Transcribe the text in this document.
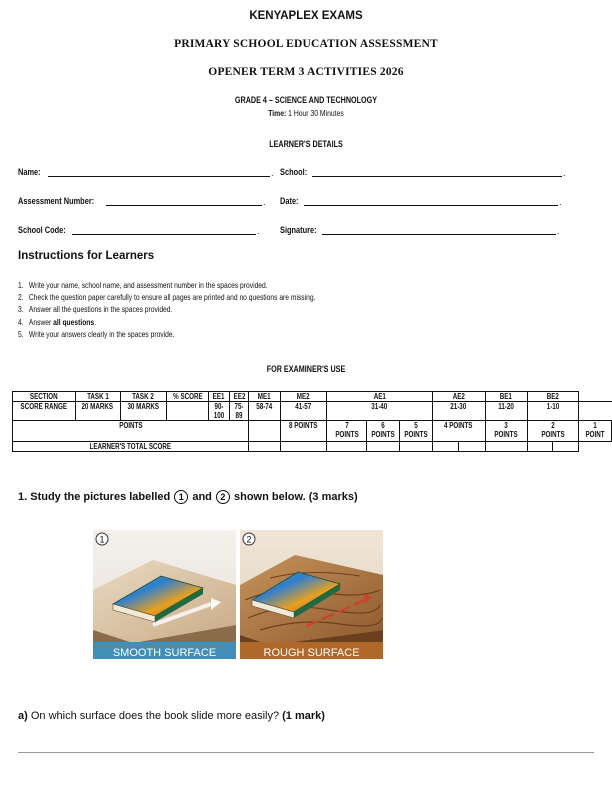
KENYAPLEX EXAMS
PRIMARY SCHOOL EDUCATION ASSESSMENT
OPENER TERM 3 ACTIVITIES 2026
GRADE 4 – SCIENCE AND TECHNOLOGY
Time: 1 Hour 30 Minutes
LEARNER'S DETAILS
Name:	. School:	.
Assessment Number:	. Date:	.
School Code:	. Signature:	.
Instructions for Learners
1. Write your name, school name, and assessment number in the spaces provided.
2. Check the question paper carefully to ensure all pages are printed and no questions are missing.
3. Answer all the questions in the spaces provided.
4. Answer all questions.
5. Write your answers clearly in the spaces provide.
FOR EXAMINER'S USE
SECTION	TASK 1	TASK 2	% SCORE	EE1	EE2	ME1	ME2	AE1			AE2		BE1	BE2		
SCORE RANGE	20 MARKS	30 MARKS		90-100	75-89	58-74	41-57	31-40			21-30		11-20	1-10		
POINTS							8 POINTS	7 POINTS	6 POINTS	5 POINTS	4 POINTS		3 POINTS	2 POINTS		1 POINT
LEARNER'S TOTAL SCORE																
1. Study the pictures labelled 1 and 2 shown below. (3 marks)
1
SMOOTH SURFACE
2
ROUGH SURFACE
a) On which surface does the book slide more easily? (1 mark)
